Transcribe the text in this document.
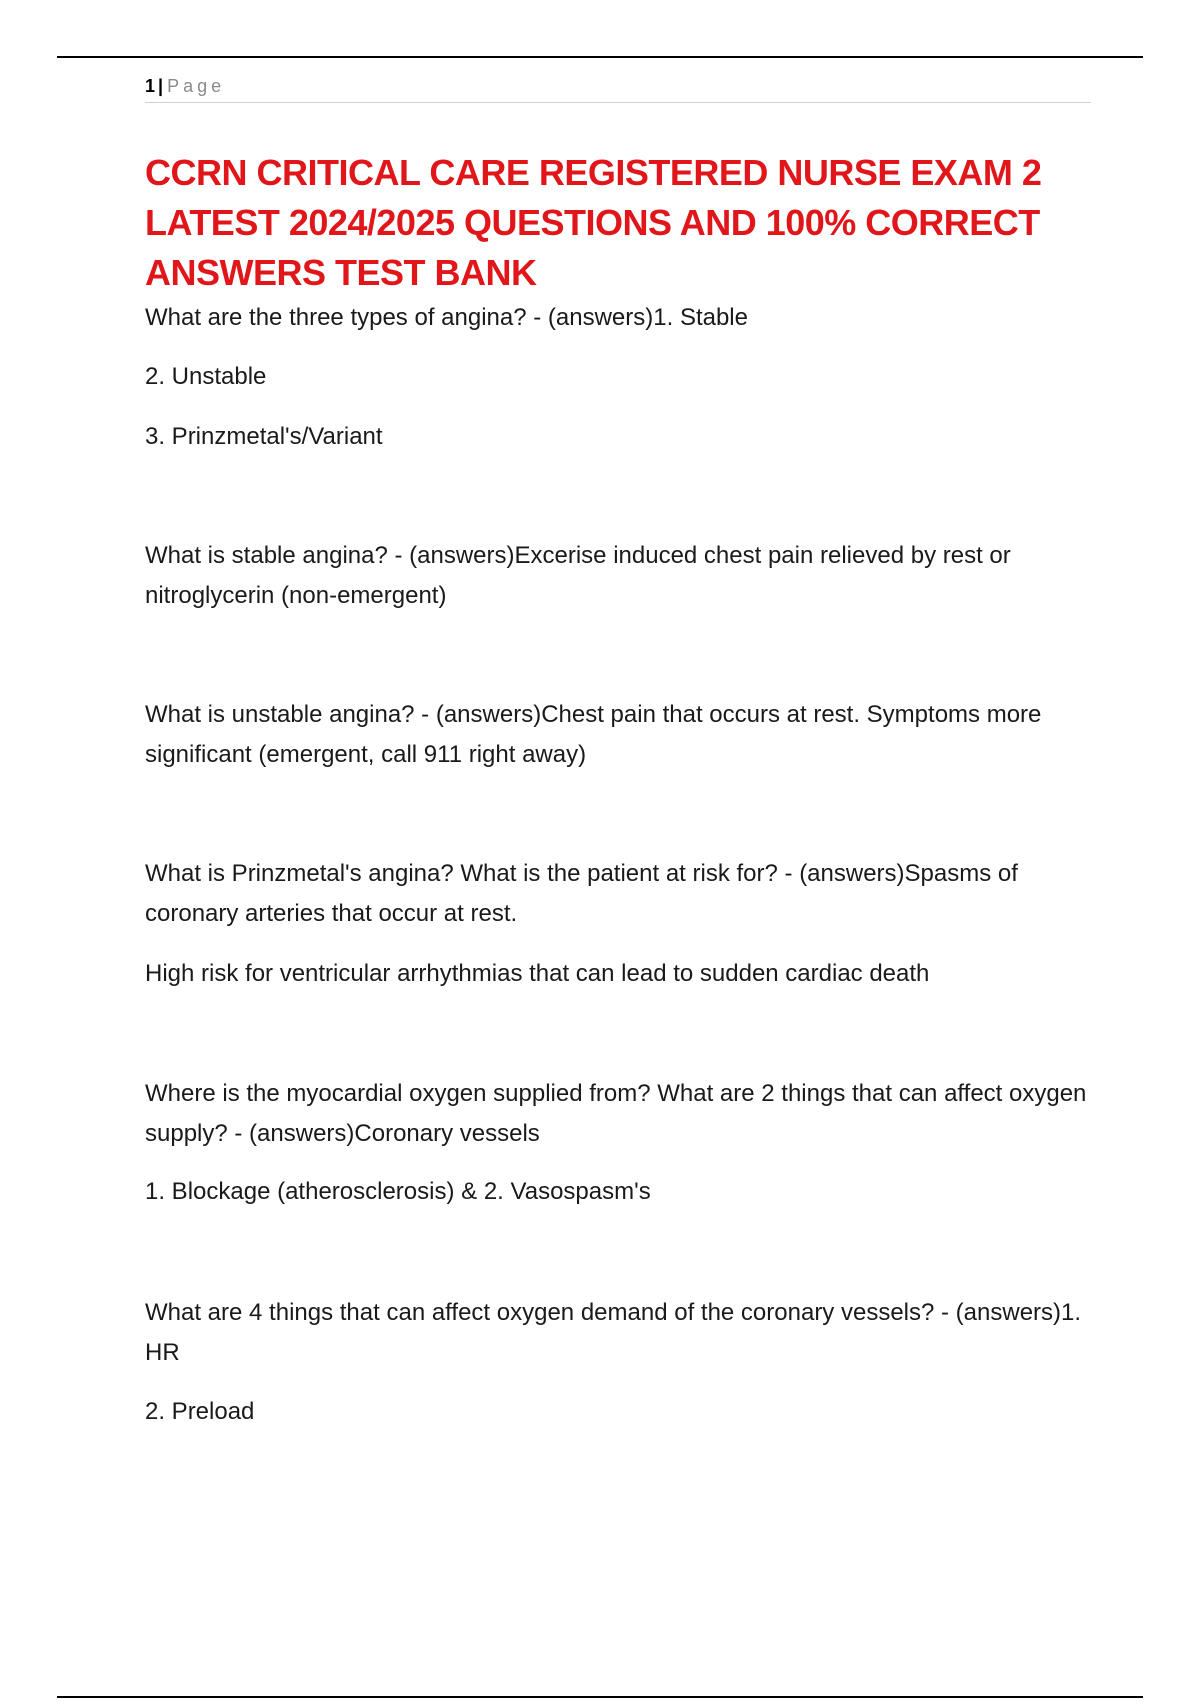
1 | Page
CCRN CRITICAL CARE REGISTERED NURSE EXAM 2 LATEST 2024/2025 QUESTIONS AND 100% CORRECT ANSWERS TEST BANK

What are the three types of angina? - (answers)1. Stable

2. Unstable

3. Prinzmetal's/Variant

What is stable angina? - (answers)Excerise induced chest pain relieved by rest or nitroglycerin (non-emergent)

What is unstable angina? - (answers)Chest pain that occurs at rest. Symptoms more significant (emergent, call 911 right away)

What is Prinzmetal's angina? What is the patient at risk for? - (answers)Spasms of coronary arteries that occur at rest.

High risk for ventricular arrhythmias that can lead to sudden cardiac death

Where is the myocardial oxygen supplied from? What are 2 things that can affect oxygen supply? - (answers)Coronary vessels

1. Blockage (atherosclerosis) & 2. Vasospasm's

What are 4 things that can affect oxygen demand of the coronary vessels? - (answers)1. HR

2. Preload
